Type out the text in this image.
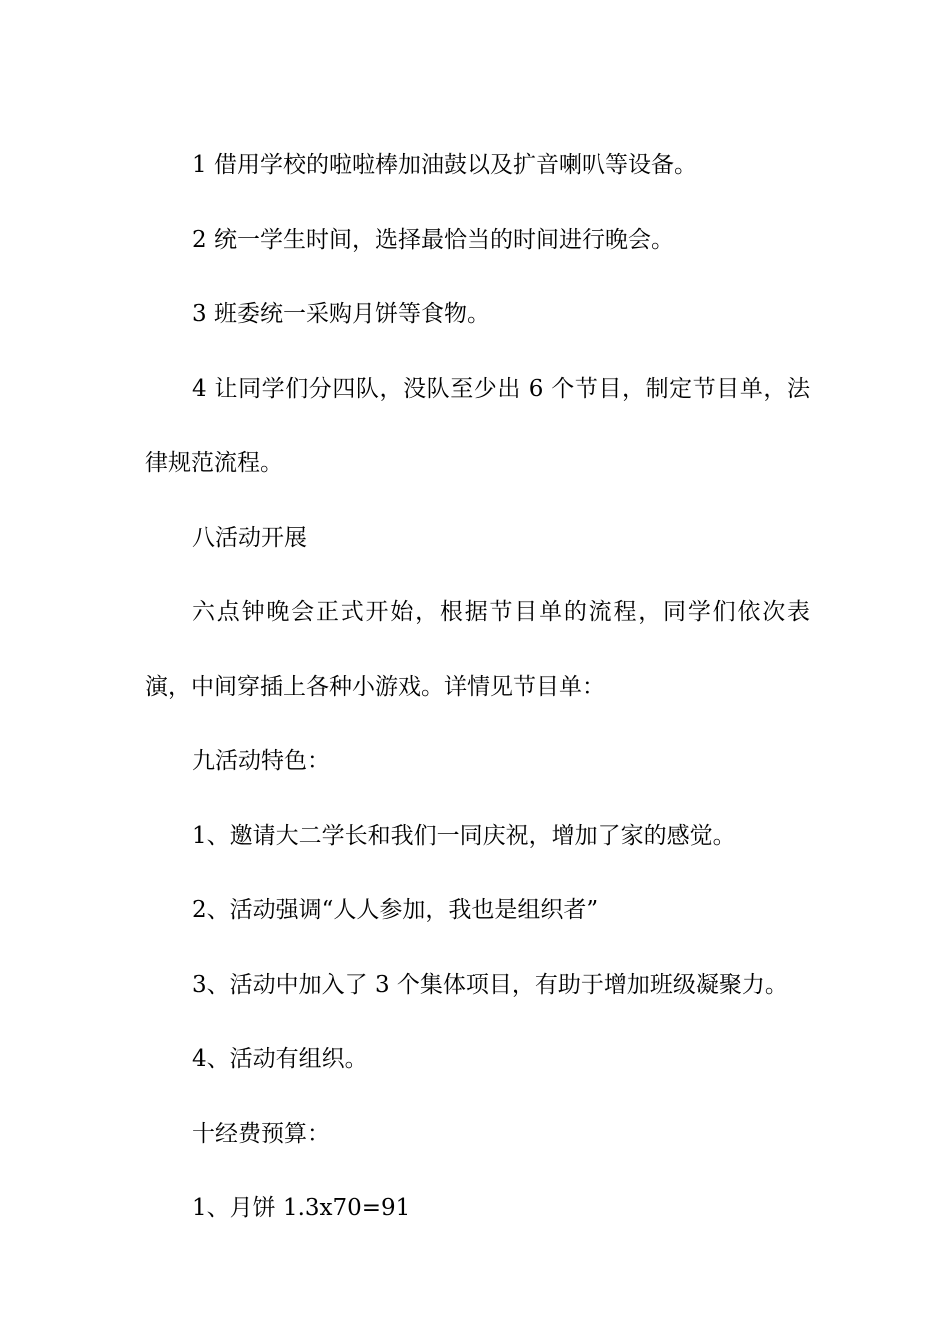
1 借用学校的啦啦棒加油鼓以及扩音喇叭等设备。

2 统一学生时间，选择最恰当的时间进行晚会。

3 班委统一采购月饼等食物。

4 让同学们分四队，没队至少出 6 个节目，制定节目单，法律规范流程。

八活动开展

六点钟晚会正式开始，根据节目单的流程，同学们依次表演，中间穿插上各种小游戏。详情见节目单：

九活动特色：

1、邀请大二学长和我们一同庆祝，增加了家的感觉。

2、活动强调“人人参加，我也是组织者”

3、活动中加入了 3 个集体项目，有助于增加班级凝聚力。

4、活动有组织。

十经费预算：

1、月饼 1.3x70=91
